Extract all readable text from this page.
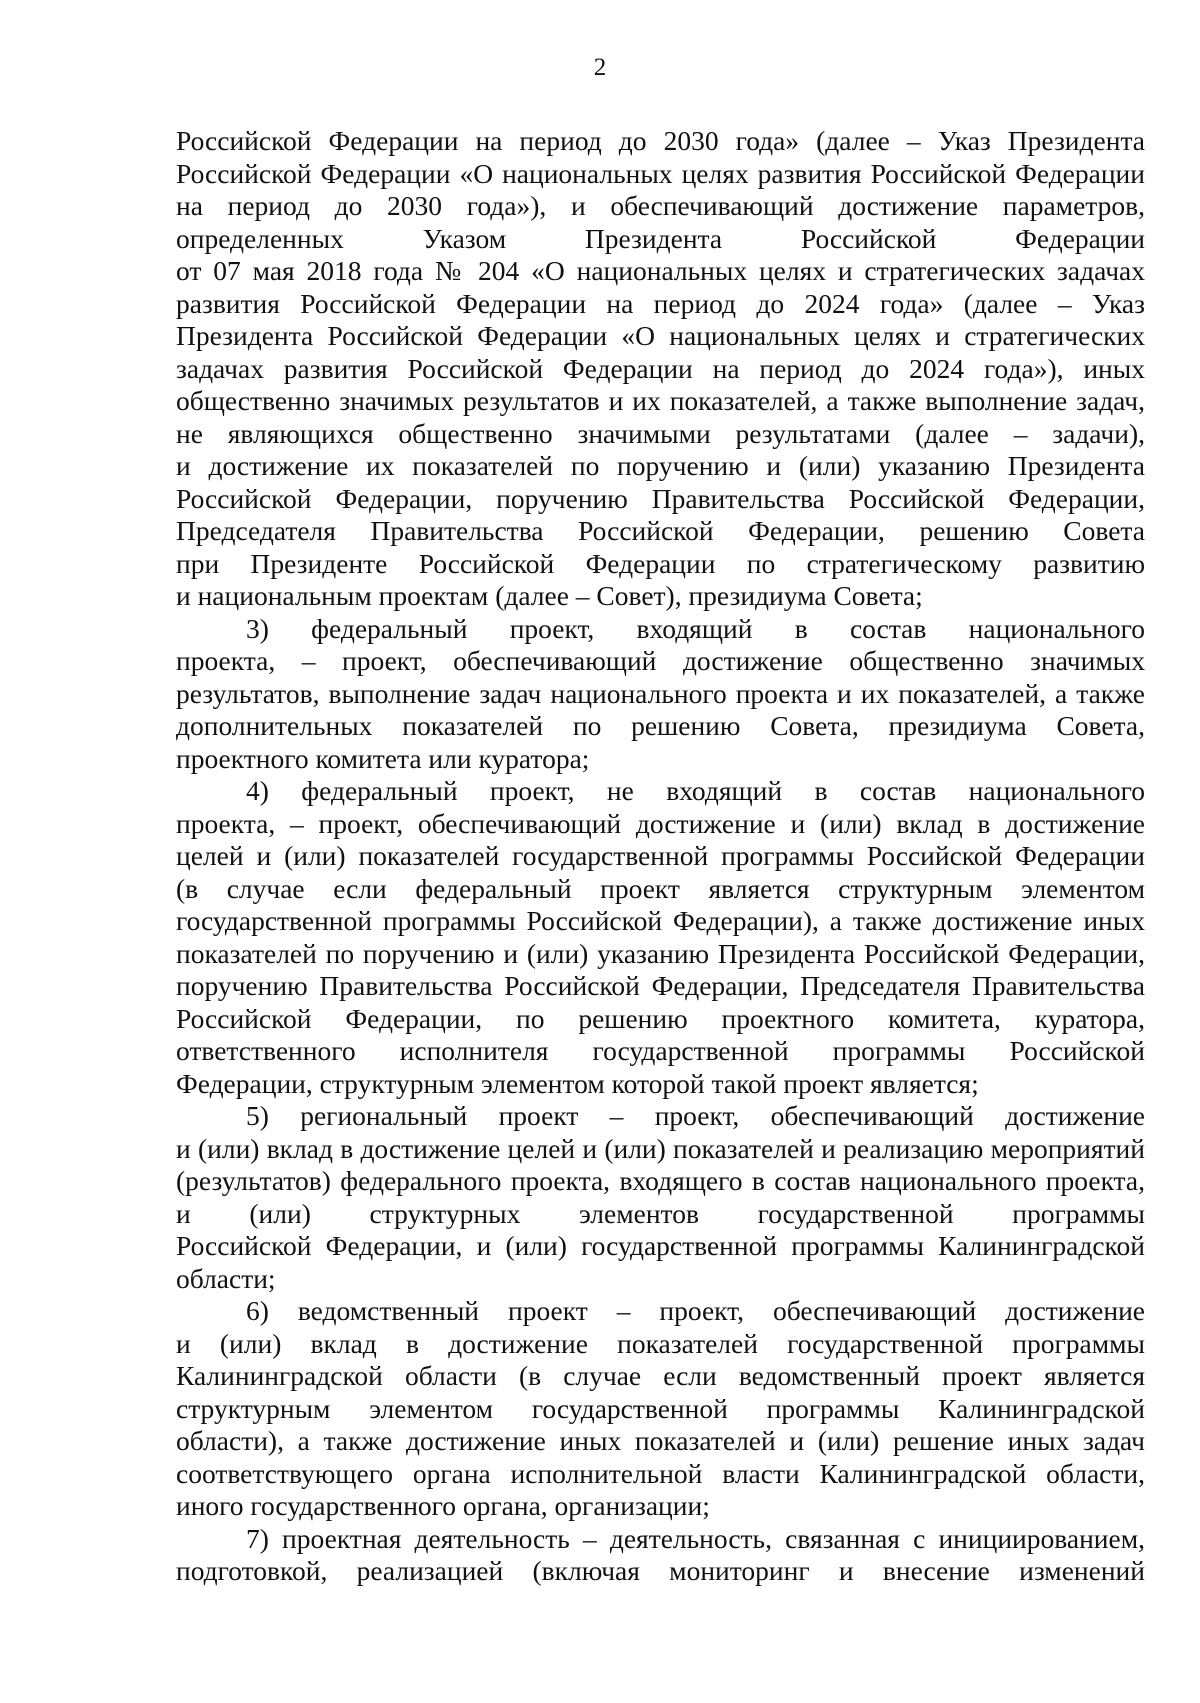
2
Российской Федерации на период до 2030 года» (далее – Указ Президента
Российской Федерации «О национальных целях развития Российской Федерации
на период до 2030 года»), и обеспечивающий достижение параметров,
определенных Указом Президента Российской Федерации
от 07 мая 2018 года № 204 «О национальных целях и стратегических задачах
развития Российской Федерации на период до 2024 года» (далее – Указ
Президента Российской Федерации «О национальных целях и стратегических
задачах развития Российской Федерации на период до 2024 года»), иных
общественно значимых результатов и их показателей, а также выполнение задач,
не являющихся общественно значимыми результатами (далее – задачи),
и достижение их показателей по поручению и (или) указанию Президента
Российской Федерации, поручению Правительства Российской Федерации,
Председателя Правительства Российской Федерации, решению Совета
при Президенте Российской Федерации по стратегическому развитию
и национальным проектам (далее – Совет), президиума Совета;
3) федеральный проект, входящий в состав национального
проекта, – проект, обеспечивающий достижение общественно значимых
результатов, выполнение задач национального проекта и их показателей, а также
дополнительных показателей по решению Совета, президиума Совета,
проектного комитета или куратора;
4) федеральный проект, не входящий в состав национального
проекта, – проект, обеспечивающий достижение и (или) вклад в достижение
целей и (или) показателей государственной программы Российской Федерации
(в случае если федеральный проект является структурным элементом
государственной программы Российской Федерации), а также достижение иных
показателей по поручению и (или) указанию Президента Российской Федерации,
поручению Правительства Российской Федерации, Председателя Правительства
Российской Федерации, по решению проектного комитета, куратора,
ответственного исполнителя государственной программы Российской
Федерации, структурным элементом которой такой проект является;
5) региональный проект – проект, обеспечивающий достижение
и (или) вклад в достижение целей и (или) показателей и реализацию мероприятий
(результатов) федерального проекта, входящего в состав национального проекта,
и (или) структурных элементов государственной программы
Российской Федерации, и (или) государственной программы Калининградской
области;
6) ведомственный проект – проект, обеспечивающий достижение
и (или) вклад в достижение показателей государственной программы
Калининградской области (в случае если ведомственный проект является
структурным элементом государственной программы Калининградской
области), а также достижение иных показателей и (или) решение иных задач
соответствующего органа исполнительной власти Калининградской области,
иного государственного органа, организации;
7) проектная деятельность – деятельность, связанная с инициированием,
подготовкой, реализацией (включая мониторинг и внесение изменений
